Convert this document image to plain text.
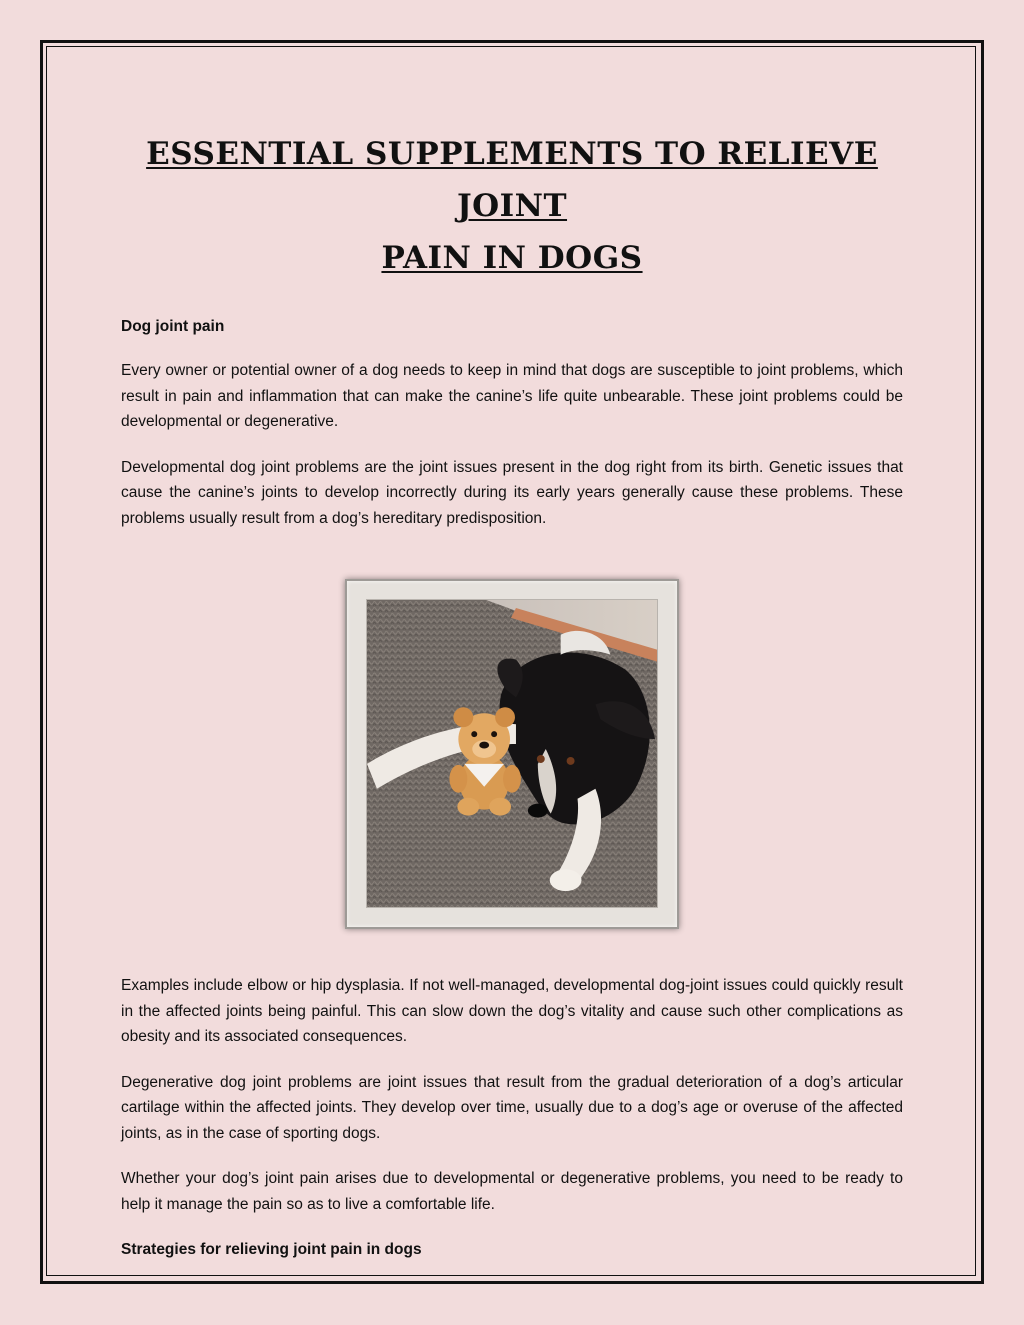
ESSENTIAL SUPPLEMENTS TO RELIEVE JOINT
PAIN IN DOGS

Dog joint pain

Every owner or potential owner of a dog needs to keep in mind that dogs are susceptible to joint problems, which result in pain and inflammation that can make the canine’s life quite unbearable. These joint problems could be developmental or degenerative.

Developmental dog joint problems are the joint issues present in the dog right from its birth. Genetic issues that cause the canine’s joints to develop incorrectly during its early years generally cause these problems. These problems usually result from a dog’s hereditary predisposition.

Examples include elbow or hip dysplasia. If not well-managed, developmental dog-joint issues could quickly result in the affected joints being painful. This can slow down the dog’s vitality and cause such other complications as obesity and its associated consequences.

Degenerative dog joint problems are joint issues that result from the gradual deterioration of a dog’s articular cartilage within the affected joints. They develop over time, usually due to a dog’s age or overuse of the affected joints, as in the case of sporting dogs.

Whether your dog’s joint pain arises due to developmental or degenerative problems, you need to be ready to help it manage the pain so as to live a comfortable life.

Strategies for relieving joint pain in dogs
